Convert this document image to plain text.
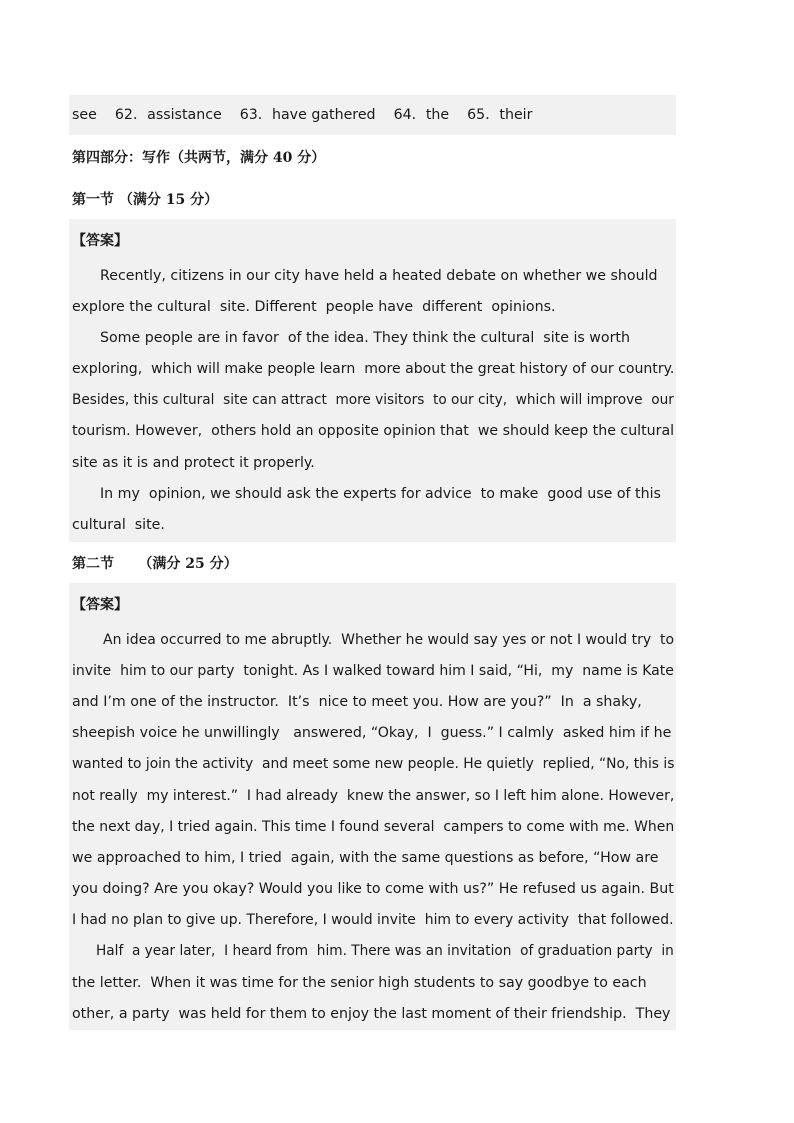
see    62．assistance    63．have gathered    64．the    65．their
第四部分：写作（共两节，满分 40 分）
第一节 （满分 15 分）
【答案】
Recently, citizens in our city have held a heated debate on whether we should
explore the cultural  site. Different  people have  different  opinions.
Some people are in favor  of the idea. They think the cultural  site is worth
exploring,  which will make people learn  more about the great history of our country.
Besides, this cultural  site can attract  more visitors  to our city,  which will improve  our
tourism. However,  others hold an opposite opinion that  we should keep the cultural
site as it is and protect it properly.
In my  opinion, we should ask the experts for advice  to make  good use of this
cultural  site.
第二节     （满分 25 分）
【答案】
An idea occurred to me abruptly.  Whether he would say yes or not I would try  to
invite  him to our party  tonight. As I walked toward him I said, “Hi,  my  name is Kate
and I’m one of the instructor.  It’s  nice to meet you. How are you?”  In  a shaky,
sheepish voice he unwillingly   answered, “Okay,  I  guess.” I calmly  asked him if he
wanted to join the activity  and meet some new people. He quietly  replied, “No, this is
not really  my interest.”  I had already  knew the answer, so I left him alone. However,
the next day, I tried again. This time I found several  campers to come with me. When
we approached to him, I tried  again, with the same questions as before, “How are
you doing? Are you okay? Would you like to come with us?” He refused us again. But
I had no plan to give up. Therefore, I would invite  him to every activity  that followed.
Half  a year later,  I heard from  him. There was an invitation  of graduation party  in
the letter.  When it was time for the senior high students to say goodbye to each
other, a party  was held for them to enjoy the last moment of their friendship.  They
